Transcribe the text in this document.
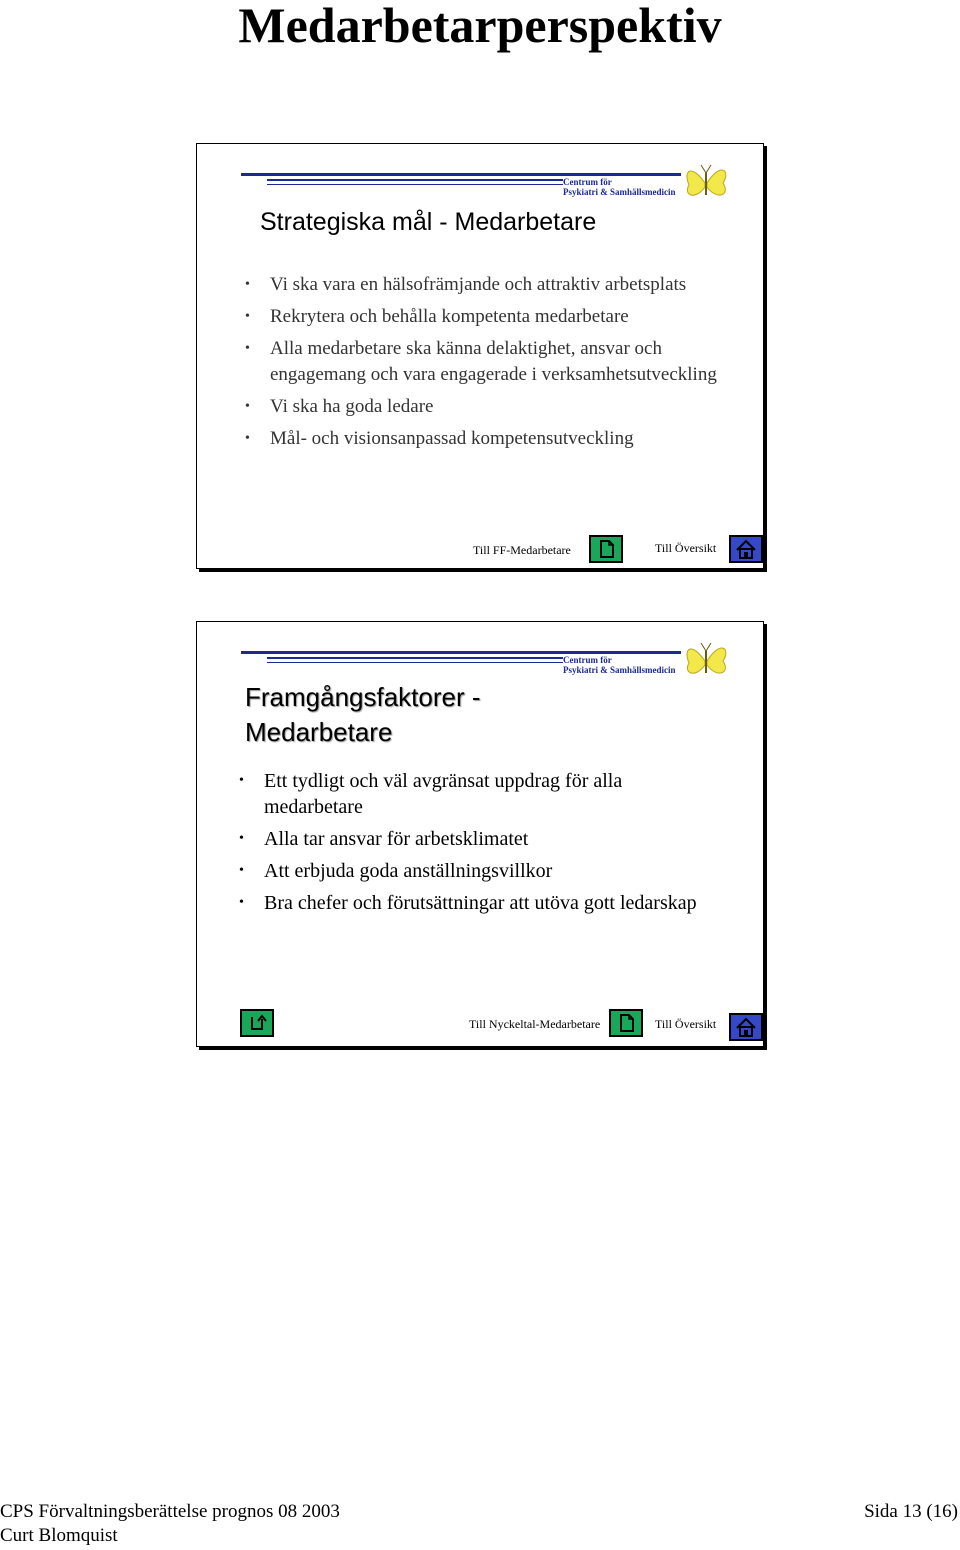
Medarbetarperspektiv
Centrum för
Psykiatri & Samhällsmedicin
Strategiska mål - Medarbetare
• Vi ska vara en hälsofrämjande och attraktiv arbetsplats
• Rekrytera och behålla kompetenta medarbetare
• Alla medarbetare ska känna delaktighet, ansvar och engagemang och vara engagerade i verksamhetsutveckling
• Vi ska ha goda ledare
• Mål- och visionsanpassad kompetensutveckling
Till FF-Medarbetare	Till Översikt
Centrum för
Psykiatri & Samhällsmedicin
Framgångsfaktorer -
Medarbetare
• Ett tydligt och väl avgränsat uppdrag för alla medarbetare
• Alla tar ansvar för arbetsklimatet
• Att erbjuda goda anställningsvillkor
• Bra chefer och förutsättningar att utöva gott ledarskap
Till Nyckeltal-Medarbetare	Till Översikt
CPS Förvaltningsberättelse prognos 08 2003
Curt Blomquist
Sida 13 (16)
